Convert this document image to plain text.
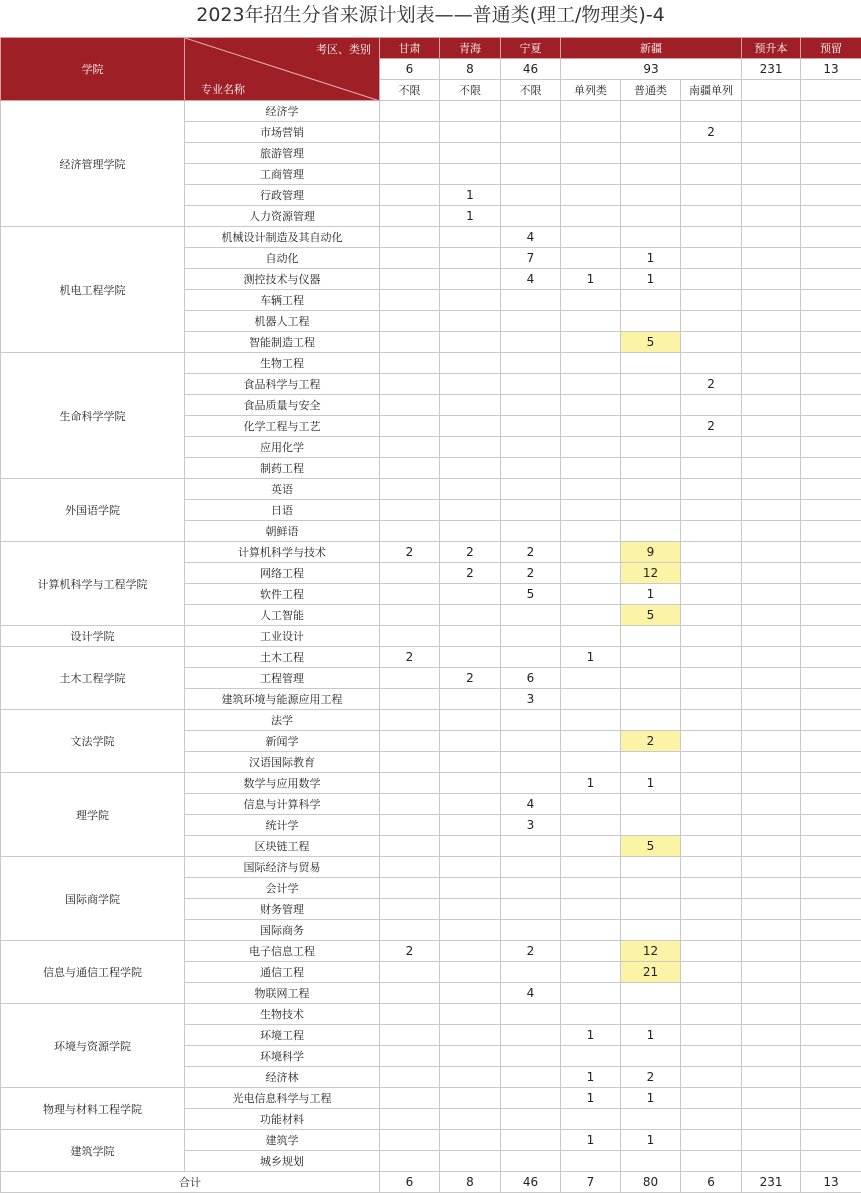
2023年招生分省来源计划表——普通类(理工/物理类)-4
学院	考区、类别
专业名称	甘肃	青海	宁夏	新疆			预升本	预留
		6	8	46	93			231	13
		不限	不限	不限	单列类	普通类	南疆单列		
经济管理学院	经济学								
	市场营销						2		
	旅游管理								
	工商管理								
	行政管理		1						
	人力资源管理		1						
机电工程学院	机械设计制造及其自动化			4					
	自动化			7		1			
	测控技术与仪器			4	1	1			
	车辆工程								
	机器人工程								
	智能制造工程					5			
生命科学学院	生物工程								
	食品科学与工程						2		
	食品质量与安全								
	化学工程与工艺						2		
	应用化学								
	制药工程								
外国语学院	英语								
	日语								
	朝鲜语								
计算机科学与工程学院	计算机科学与技术	2	2	2		9			
	网络工程		2	2		12			
	软件工程			5		1			
	人工智能					5			
设计学院	工业设计								
土木工程学院	土木工程	2			1				
	工程管理		2	6					
	建筑环境与能源应用工程			3					
文法学院	法学								
	新闻学					2			
	汉语国际教育								
理学院	数学与应用数学				1	1			
	信息与计算科学			4					
	统计学			3					
	区块链工程					5			
国际商学院	国际经济与贸易								
	会计学								
	财务管理								
	国际商务								
信息与通信工程学院	电子信息工程	2		2		12			
	通信工程					21			
	物联网工程			4					
环境与资源学院	生物技术								
	环境工程				1	1			
	环境科学								
	经济林				1	2			
物理与材料工程学院	光电信息科学与工程				1	1			
	功能材料								
建筑学院	建筑学				1	1			
	城乡规划								
合计		6	8	46	7	80	6	231	13
